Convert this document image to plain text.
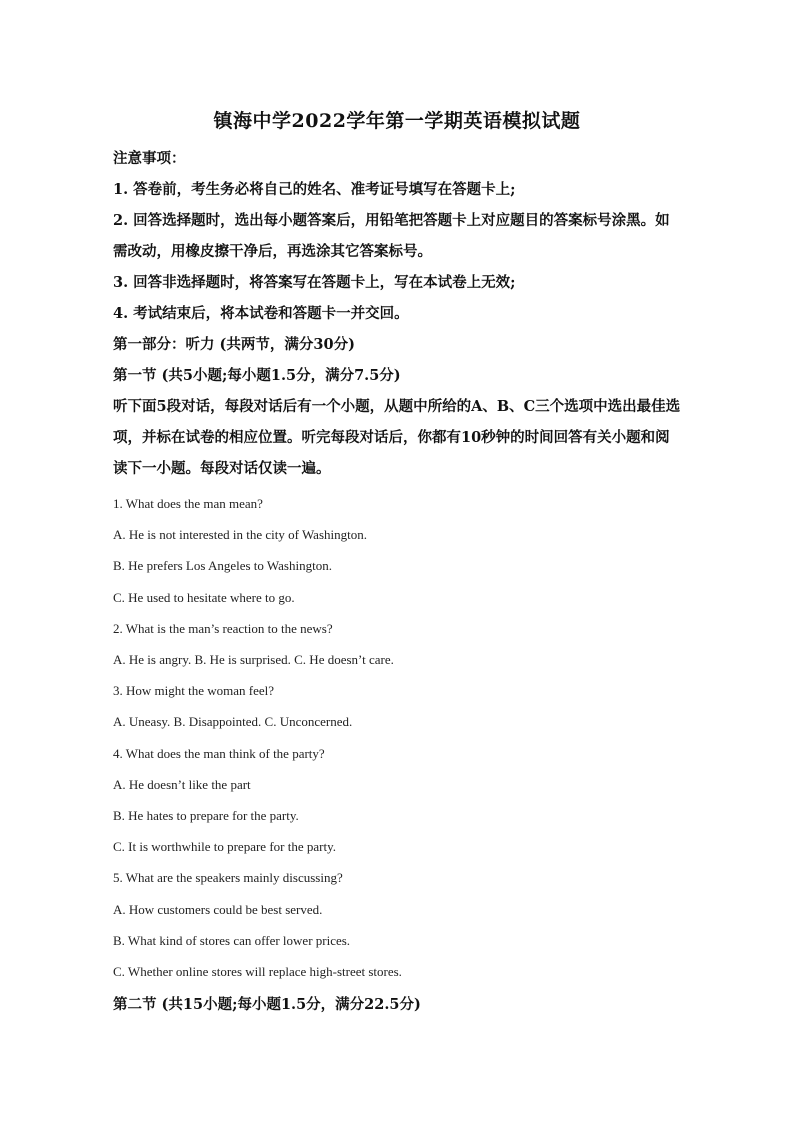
镇海中学2022学年第一学期英语模拟试题

注意事项：

1. 答卷前，考生务必将自己的姓名、准考证号填写在答题卡上;

2. 回答选择题时，选出每小题答案后，用铅笔把答题卡上对应题目的答案标号涂黑。如需改动，用橡皮擦干净后，再选涂其它答案标号。

3. 回答非选择题时，将答案写在答题卡上，写在本试卷上无效;

4. 考试结束后，将本试卷和答题卡一并交回。

第一部分：听力 (共两节，满分30分)

第一节 (共5小题;每小题1.5分，满分7.5分)

听下面5段对话，每段对话后有一个小题，从题中所给的A、B、C三个选项中选出最佳选项，并标在试卷的相应位置。听完每段对话后，你都有10秒钟的时间回答有关小题和阅读下一小题。每段对话仅读一遍。

1. What does the man mean?

A. He is not interested in the city of Washington.

B. He prefers Los Angeles to Washington.

C. He used to hesitate where to go.

2. What is the man’s reaction to the news?

A. He is angry. B. He is surprised. C. He doesn’t care.

3. How might the woman feel?

A. Uneasy. B. Disappointed. C. Unconcerned.

4. What does the man think of the party?

A. He doesn’t like the part

B. He hates to prepare for the party.

C. It is worthwhile to prepare for the party.

5. What are the speakers mainly discussing?

A. How customers could be best served.

B. What kind of stores can offer lower prices.

C. Whether online stores will replace high-street stores.

第二节 (共15小题;每小题1.5分，满分22.5分)
